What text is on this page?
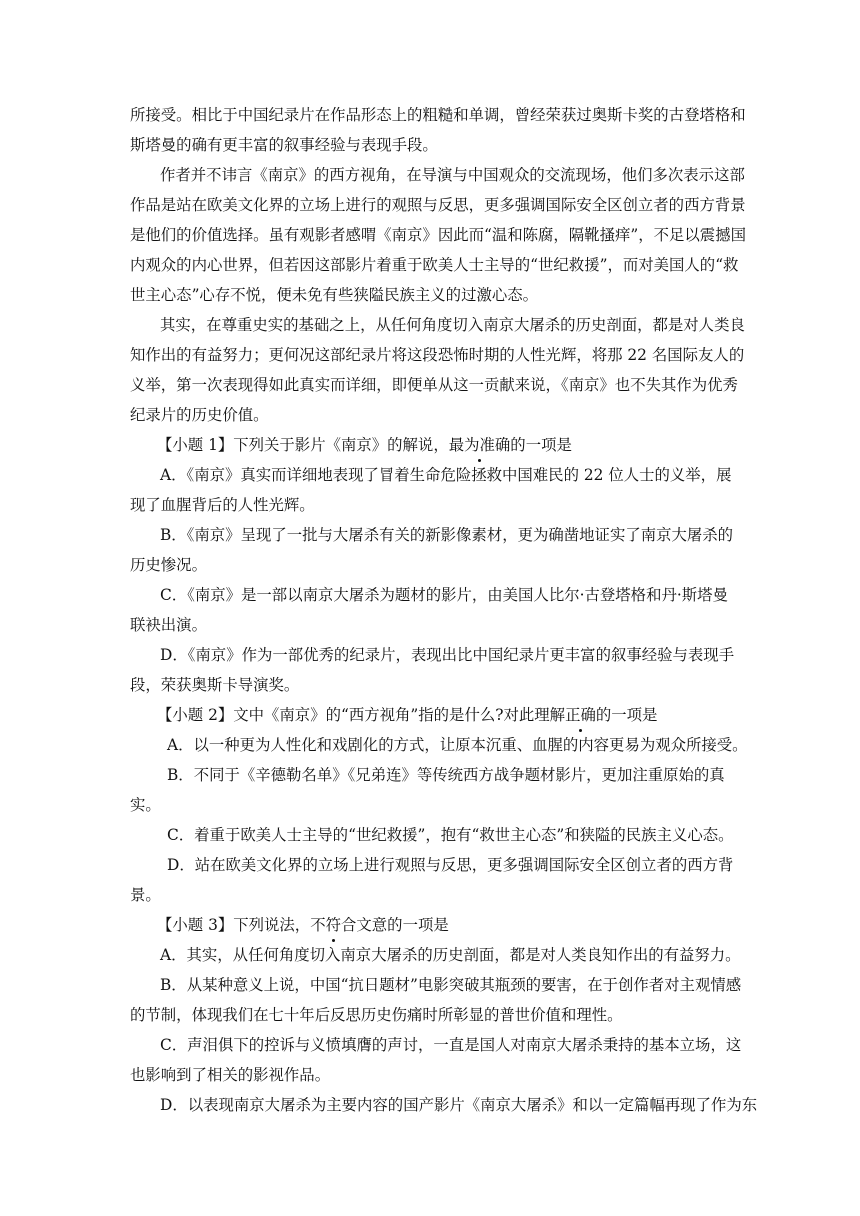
所接受。相比于中国纪录片在作品形态上的粗糙和单调，曾经荣获过奥斯卡奖的古登塔格和
斯塔曼的确有更丰富的叙事经验与表现手段。
作者并不讳言《南京》的西方视角，在导演与中国观众的交流现场，他们多次表示这部
作品是站在欧美文化界的立场上进行的观照与反思，更多强调国际安全区创立者的西方背景
是他们的价值选择。虽有观影者感喟《南京》因此而“温和陈腐，隔靴搔痒”，不足以震撼国
内观众的内心世界，但若因这部影片着重于欧美人士主导的“世纪救援”，而对美国人的“救
世主心态”心存不悦，便未免有些狭隘民族主义的过激心态。
其实，在尊重史实的基础之上，从任何角度切入南京大屠杀的历史剖面，都是对人类良
知作出的有益努力；更何况这部纪录片将这段恐怖时期的人性光辉，将那 22 名国际友人的
义举，第一次表现得如此真实而详细，即便单从这一贡献来说，《南京》也不失其作为优秀
纪录片的历史价值。
【小题 1】下列关于影片《南京》的解说，最为准确的一项是
A．《南京》真实而详细地表现了冒着生命危险拯救中国难民的 22 位人士的义举，展
现了血腥背后的人性光辉。
B．《南京》呈现了一批与大屠杀有关的新影像素材，更为确凿地证实了南京大屠杀的
历史惨况。
C．《南京》是一部以南京大屠杀为题材的影片，由美国人比尔·古登塔格和丹·斯塔曼
联袂出演。
D．《南京》作为一部优秀的纪录片，表现出比中国纪录片更丰富的叙事经验与表现手
段，荣获奥斯卡导演奖。
【小题 2】文中《南京》的“西方视角”指的是什么?对此理解正确的一项是
A．以一种更为人性化和戏剧化的方式，让原本沉重、血腥的内容更易为观众所接受。
B．不同于《辛德勒名单》《兄弟连》等传统西方战争题材影片，更加注重原始的真
实。
C．着重于欧美人士主导的“世纪救援”，抱有“救世主心态”和狭隘的民族主义心态。
D．站在欧美文化界的立场上进行观照与反思，更多强调国际安全区创立者的西方背
景。
【小题 3】下列说法，不符合文意的一项是
A．其实，从任何角度切入南京大屠杀的历史剖面，都是对人类良知作出的有益努力。
B．从某种意义上说，中国“抗日题材”电影突破其瓶颈的要害，在于创作者对主观情感
的节制，体现我们在七十年后反思历史伤痛时所彰显的普世价值和理性。
C．声泪俱下的控诉与义愤填膺的声讨，一直是国人对南京大屠杀秉持的基本立场，这
也影响到了相关的影视作品。
D．以表现南京大屠杀为主要内容的国产影片《南京大屠杀》和以一定篇幅再现了作为东
